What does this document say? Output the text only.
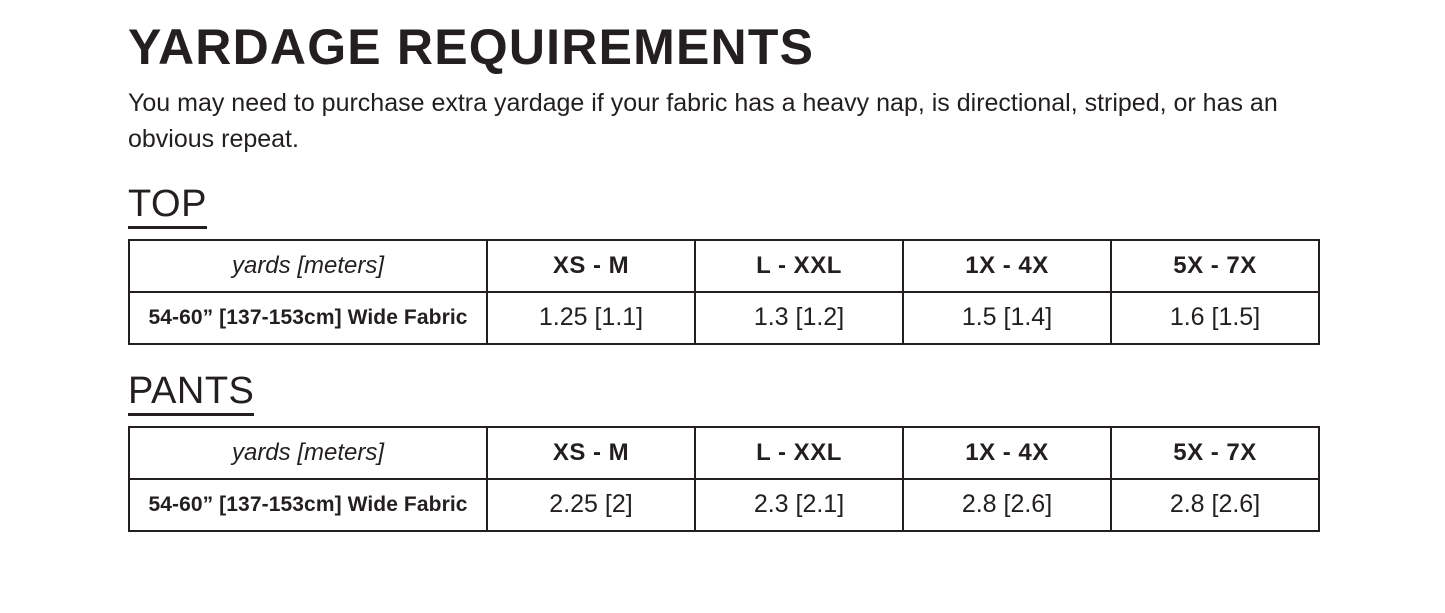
YARDAGE REQUIREMENTS

You may need to purchase extra yardage if your fabric has a heavy nap, is directional, striped, or has an obvious repeat.

TOP
yards [meters]	XS - M	L - XXL	1X - 4X	5X - 7X
54-60” [137-153cm] Wide Fabric	1.25 [1.1]	1.3 [1.2]	1.5 [1.4]	1.6 [1.5]
PANTS
yards [meters]	XS - M	L - XXL	1X - 4X	5X - 7X
54-60” [137-153cm] Wide Fabric	2.25 [2]	2.3 [2.1]	2.8 [2.6]	2.8 [2.6]
